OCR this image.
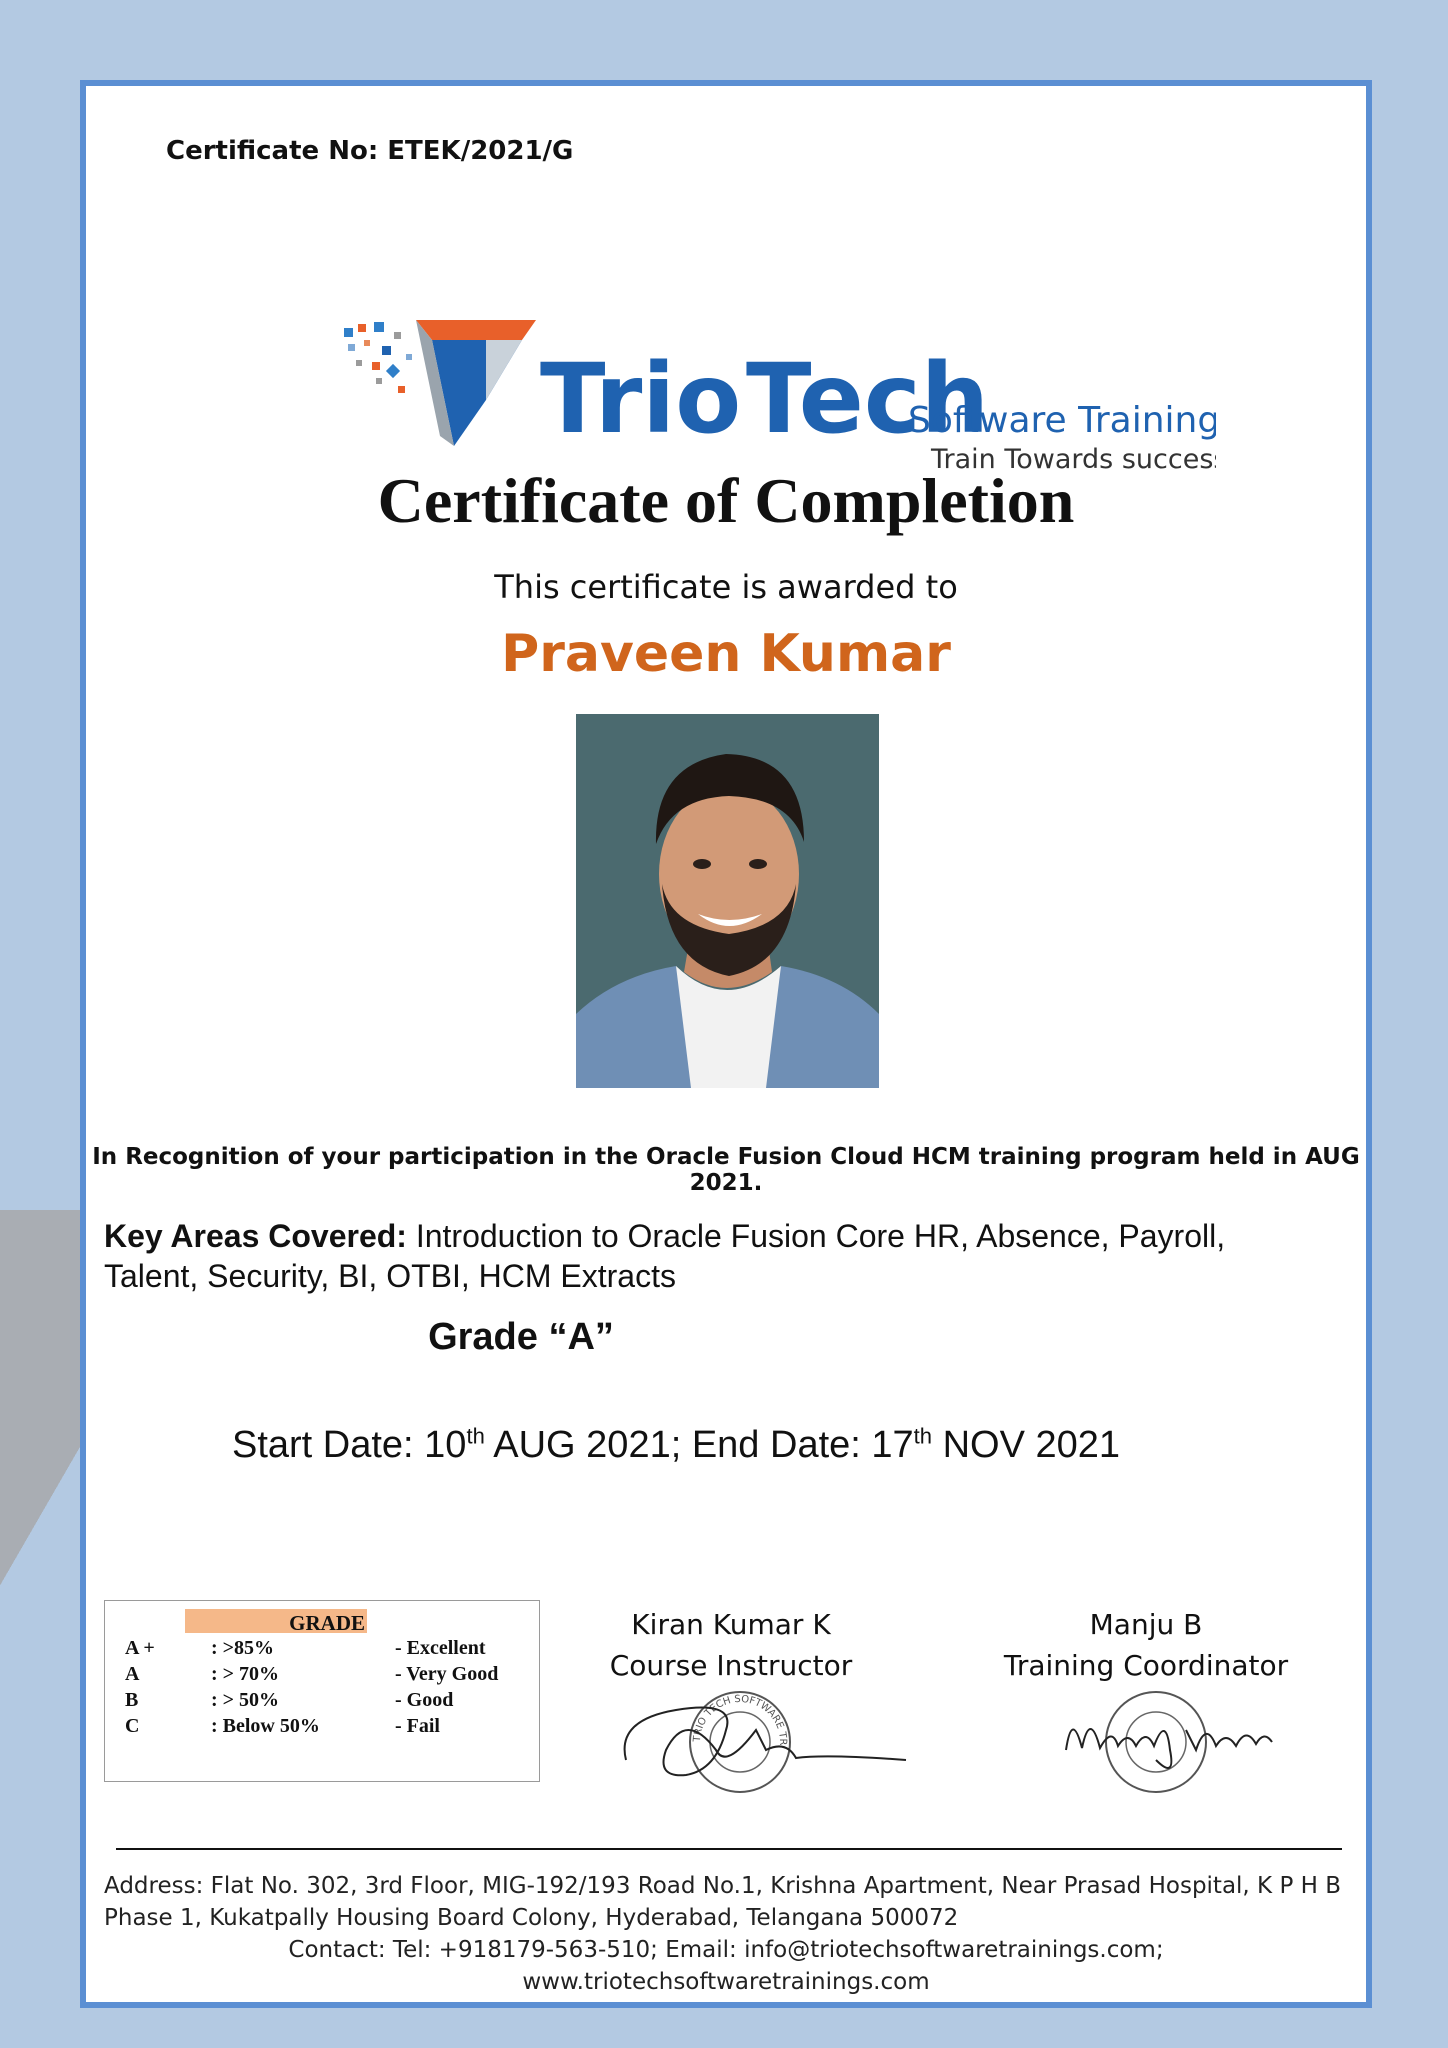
Certificate No: ETEK/2021/G
Trio Tech
Software Trainings
Train Towards success
Certificate of Completion
This certificate is awarded to
Praveen Kumar
In Recognition of your participation in the Oracle Fusion Cloud HCM training program held in AUG 2021.
Key Areas Covered: Introduction to Oracle Fusion Core HR, Absence, Payroll, Talent, Security, BI, OTBI, HCM Extracts
Grade “A”
Start Date: 10th AUG 2021; End Date: 17th NOV 2021
GRADE
A +	: >85%	- Excellent
A	: > 70%	- Very Good
B	: > 50%	- Good
C	: Below 50%	- Fail
Kiran Kumar K
Course Instructor
TRIO TECH SOFTWARE TR
Manju B
Training Coordinator
Address: Flat No. 302, 3rd Floor, MIG-192/193 Road No.1, Krishna Apartment, Near Prasad Hospital, K P H B Phase 1, Kukatpally Housing Board Colony, Hyderabad, Telangana 500072
Contact: Tel: +918179-563-510; Email: info@triotechsoftwaretrainings.com;
www.triotechsoftwaretrainings.com
